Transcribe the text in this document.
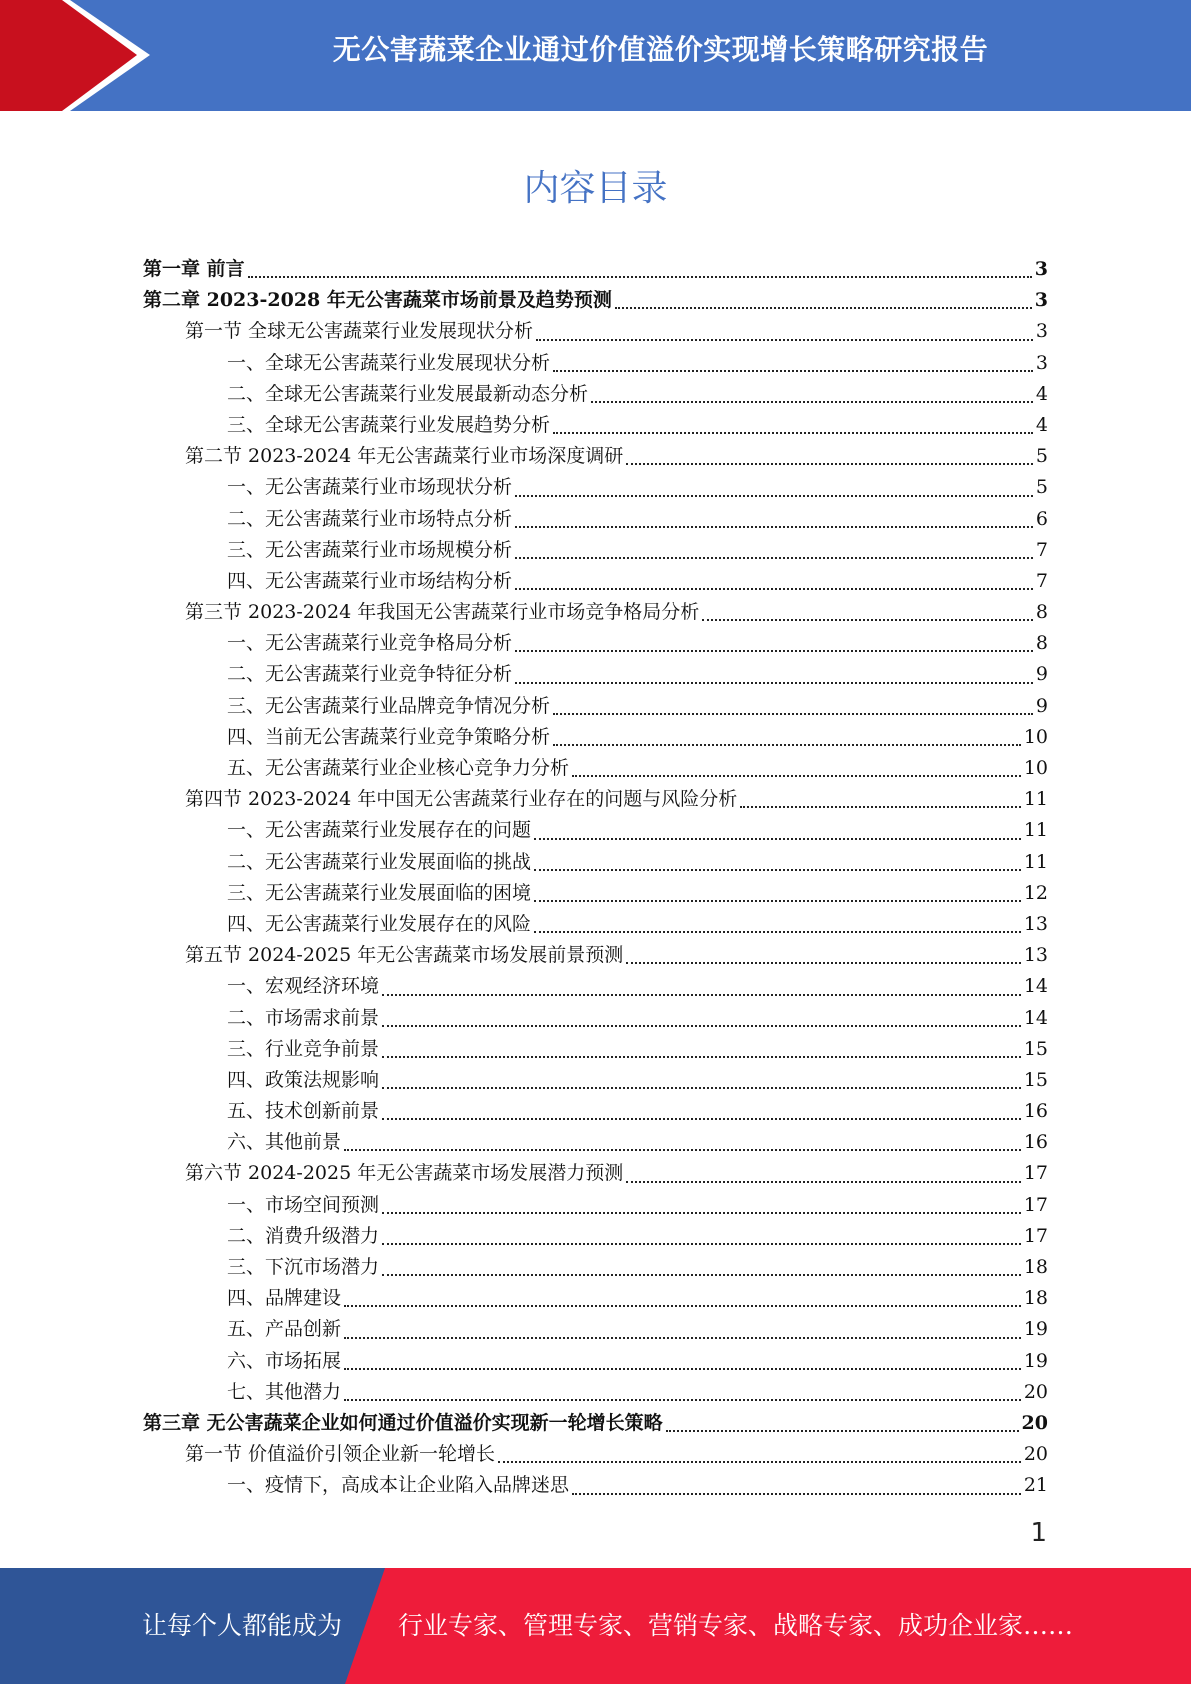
无公害蔬菜企业通过价值溢价实现增长策略研究报告
内容目录
第一章 前言	3
第二章 2023-2028 年无公害蔬菜市场前景及趋势预测	3
第一节 全球无公害蔬菜行业发展现状分析	3
一、全球无公害蔬菜行业发展现状分析	3
二、全球无公害蔬菜行业发展最新动态分析	4
三、全球无公害蔬菜行业发展趋势分析	4
第二节 2023-2024 年无公害蔬菜行业市场深度调研	5
一、无公害蔬菜行业市场现状分析	5
二、无公害蔬菜行业市场特点分析	6
三、无公害蔬菜行业市场规模分析	7
四、无公害蔬菜行业市场结构分析	7
第三节 2023-2024 年我国无公害蔬菜行业市场竞争格局分析	8
一、无公害蔬菜行业竞争格局分析	8
二、无公害蔬菜行业竞争特征分析	9
三、无公害蔬菜行业品牌竞争情况分析	9
四、当前无公害蔬菜行业竞争策略分析	10
五、无公害蔬菜行业企业核心竞争力分析	10
第四节 2023-2024 年中国无公害蔬菜行业存在的问题与风险分析	11
一、无公害蔬菜行业发展存在的问题	11
二、无公害蔬菜行业发展面临的挑战	11
三、无公害蔬菜行业发展面临的困境	12
四、无公害蔬菜行业发展存在的风险	13
第五节 2024-2025 年无公害蔬菜市场发展前景预测	13
一、宏观经济环境	14
二、市场需求前景	14
三、行业竞争前景	15
四、政策法规影响	15
五、技术创新前景	16
六、其他前景	16
第六节 2024-2025 年无公害蔬菜市场发展潜力预测	17
一、市场空间预测	17
二、消费升级潜力	17
三、下沉市场潜力	18
四、品牌建设	18
五、产品创新	19
六、市场拓展	19
七、其他潜力	20
第三章 无公害蔬菜企业如何通过价值溢价实现新一轮增长策略	20
第一节 价值溢价引领企业新一轮增长	20
一、疫情下，高成本让企业陷入品牌迷思	21
1
让每个人都能成为 行业专家、管理专家、营销专家、战略专家、成功企业家……
